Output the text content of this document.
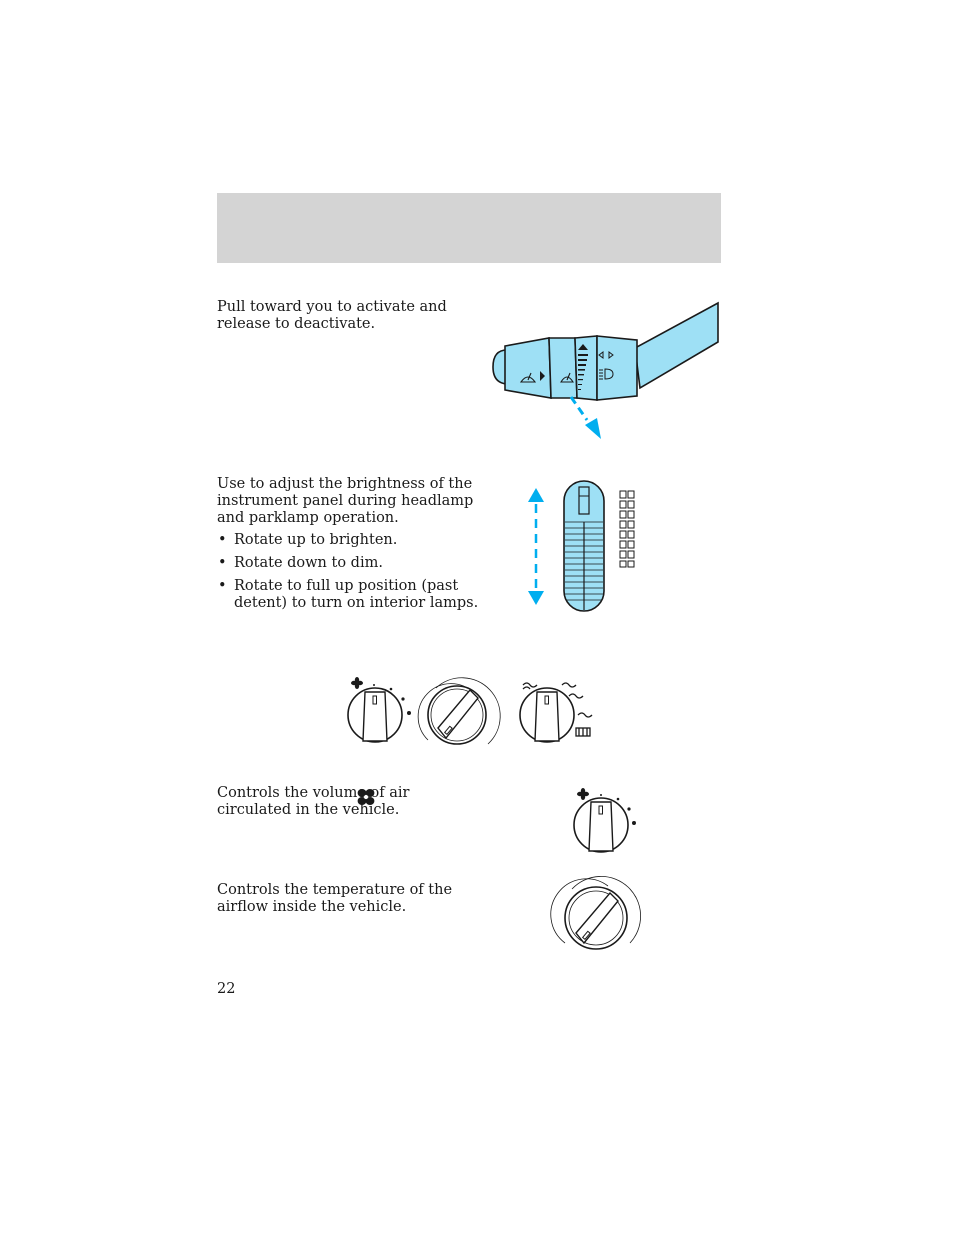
Pull toward you to activate and release to deactivate.

Use to adjust the brightness of the instrument panel during headlamp and parklamp operation.

• Rotate up to brighten.
• Rotate down to dim.
• Rotate to full up position (past detent) to turn on interior lamps.

Controls the volume of air circulated in the vehicle.

Controls the temperature of the airflow inside the vehicle.

22
